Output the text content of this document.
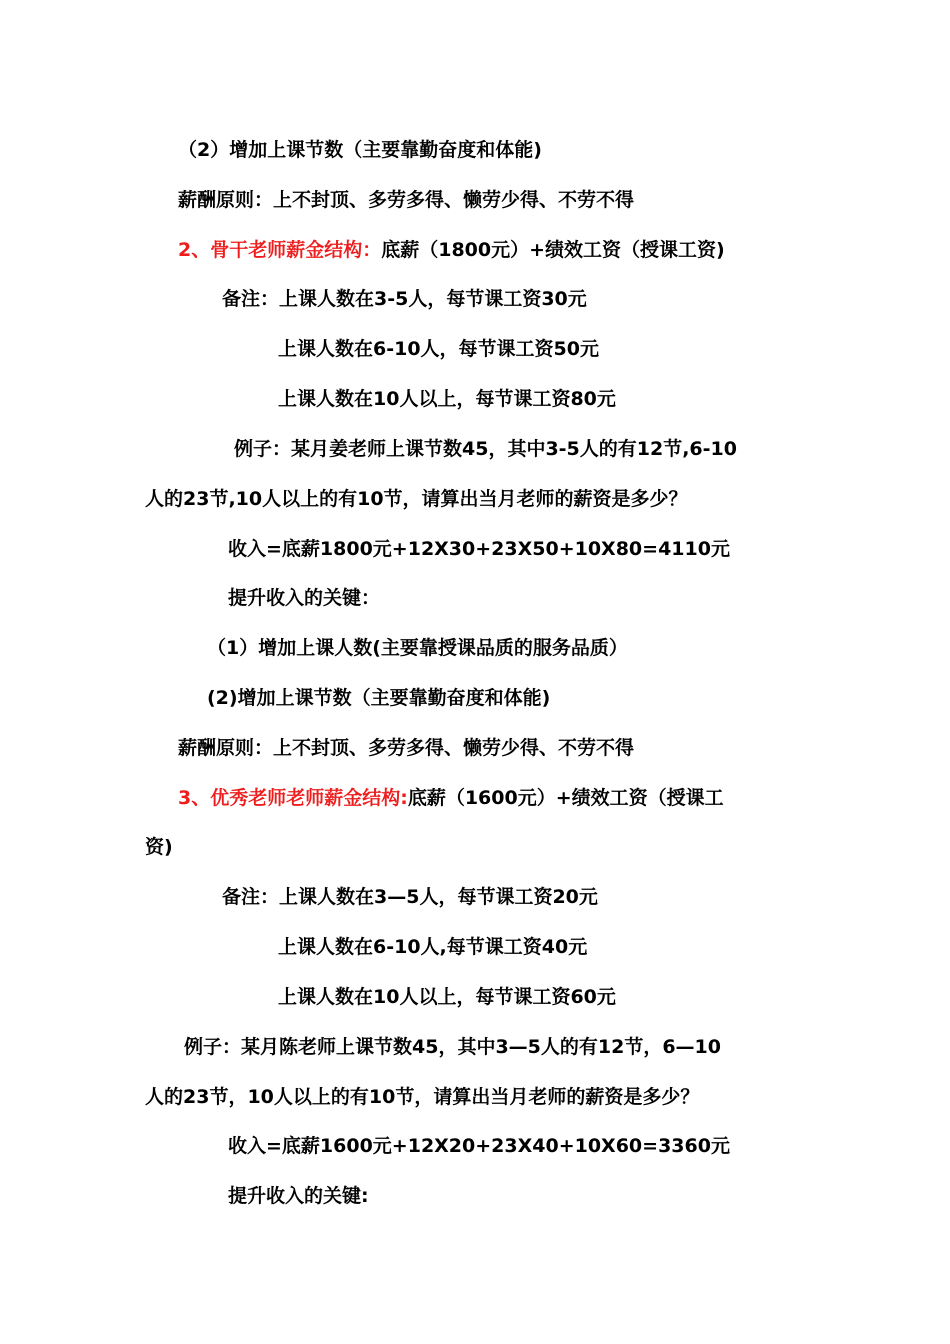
（2）增加上课节数（主要靠勤奋度和体能)
薪酬原则：上不封顶、多劳多得、懒劳少得、不劳不得
2、骨干老师薪金结构：底薪（1800元）+绩效工资（授课工资)
备注：上课人数在3-5人，每节课工资30元
上课人数在6-10人，每节课工资50元
上课人数在10人以上，每节课工资80元
例子：某月姜老师上课节数45，其中3-5人的有12节,6-10
人的23节,10人以上的有10节，请算出当月老师的薪资是多少？
收入=底薪1800元+12X30+23X50+10X80=4110元
提升收入的关键：
（1）增加上课人数(主要靠授课品质的服务品质）
(2)增加上课节数（主要靠勤奋度和体能)
薪酬原则：上不封顶、多劳多得、懒劳少得、不劳不得
3、优秀老师老师薪金结构:底薪（1600元）+绩效工资（授课工
资)
备注：上课人数在3—5人，每节课工资20元
上课人数在6-10人,每节课工资40元
上课人数在10人以上，每节课工资60元
例子：某月陈老师上课节数45，其中3—5人的有12节，6—10
人的23节，10人以上的有10节，请算出当月老师的薪资是多少？
收入=底薪1600元+12X20+23X40+10X60=3360元
提升收入的关键:
